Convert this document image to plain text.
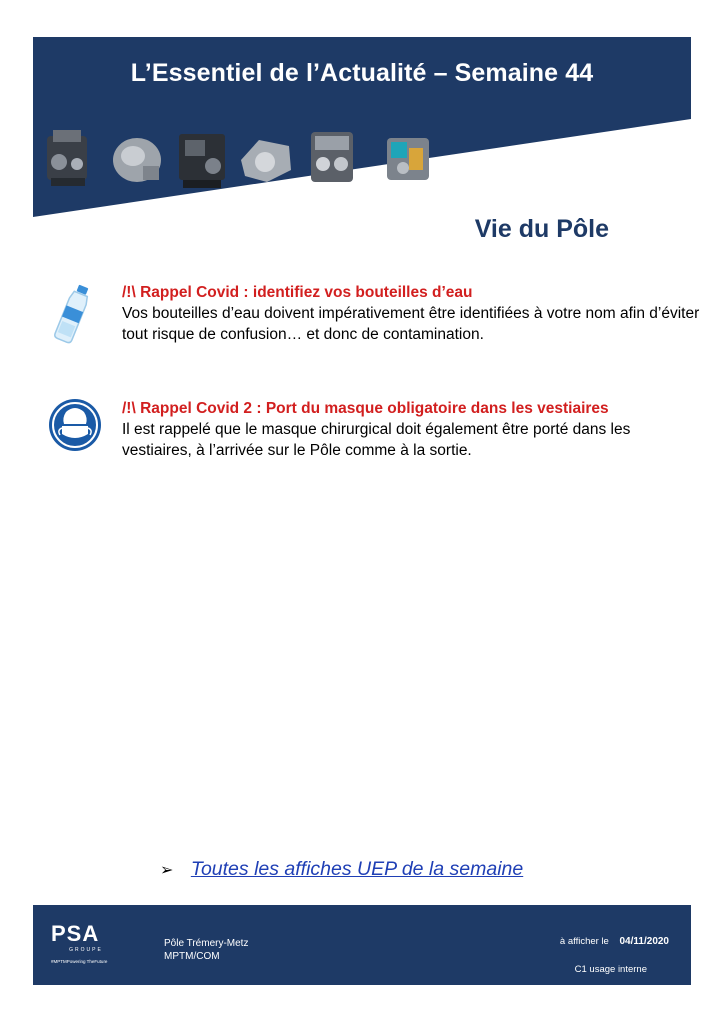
L’Essentiel de l’Actualité – Semaine 44
Vie du Pôle
/!\ Rappel Covid : identifiez vos bouteilles d’eau
Vos bouteilles d’eau doivent impérativement être identifiées à votre nom afin d’éviter tout risque de confusion… et donc de contamination.
/!\ Rappel Covid 2 : Port du masque obligatoire dans les vestiaires
Il est rappelé que le masque chirurgical doit également être porté dans les vestiaires, à l’arrivée sur le Pôle comme à la sortie.
➢ Toutes les affiches UEP de la semaine
PSA
GROUPE
#MPTMPowering TheFuture
Pôle Trémery-Metz
MPTM/COM
à afficher le 04/11/2020
C1 usage interne
